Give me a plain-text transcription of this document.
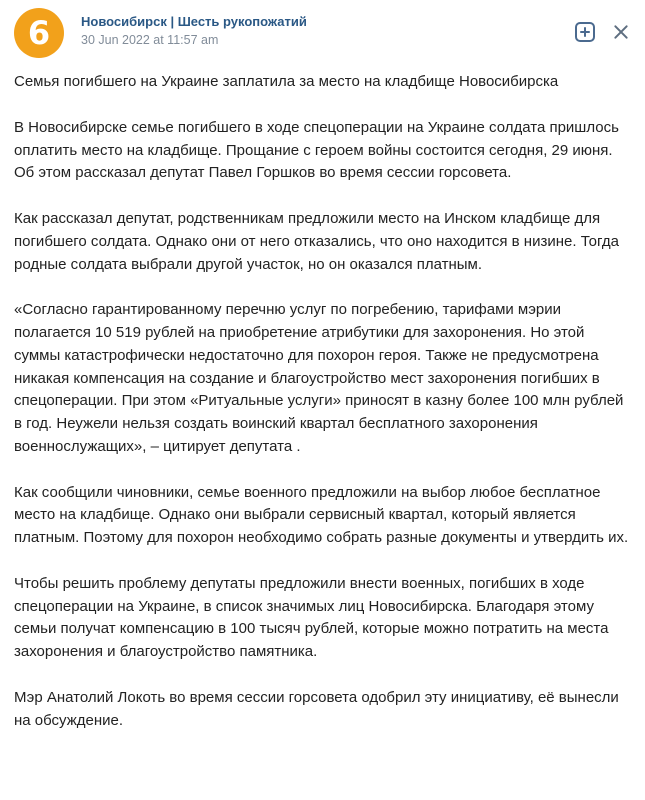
6 Новосибирск | Шесть рукопожатий
30 Jun 2022 at 11:57 am

Семья погибшего на Украине заплатила за место на кладбище Новосибирска

В Новосибирске семье погибшего в ходе спецоперации на Украине солдата пришлось оплатить место на кладбище. Прощание с героем войны состоится сегодня, 29 июня. Об этом рассказал депутат Павел Горшков во время сессии горсовета.

Как рассказал депутат, родственникам предложили место на Инском кладбище для погибшего солдата. Однако они от него отказались, что оно находится в низине. Тогда родные солдата выбрали другой участок, но он оказался платным.

«Согласно гарантированному перечню услуг по погребению, тарифами мэрии полагается 10 519 рублей на приобретение атрибутики для захоронения. Но этой суммы катастрофически недостаточно для похорон героя. Также не предусмотрена никакая компенсация на создание и благоустройство мест захоронения погибших в спецоперации. При этом «Ритуальные услуги» приносят в казну более 100 млн рублей в год. Неужели нельзя создать воинский квартал бесплатного захоронения военнослужащих», – цитирует депутата .

Как сообщили чиновники, семье военного предложили на выбор любое бесплатное место на кладбище. Однако они выбрали сервисный квартал, который является платным. Поэтому для похорон необходимо собрать разные документы и утвердить их.

Чтобы решить проблему депутаты предложили внести военных, погибших в ходе спецоперации на Украине, в список значимых лиц Новосибирска. Благодаря этому семьи получат компенсацию в 100 тысяч рублей, которые можно потратить на места захоронения и благоустройство памятника.

Мэр Анатолий Локоть во время сессии горсовета одобрил эту инициативу, её вынесли на обсуждение.
